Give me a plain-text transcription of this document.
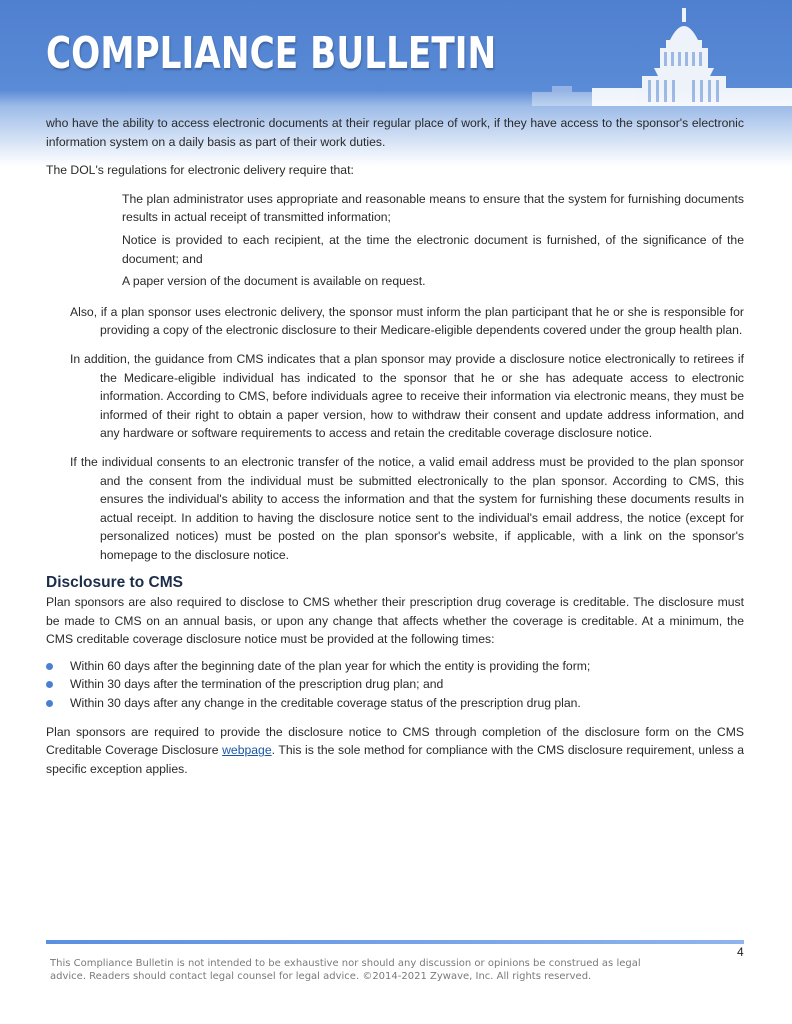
COMPLIANCE BULLETIN

who have the ability to access electronic documents at their regular place of work, if they have access to the sponsor's electronic information system on a daily basis as part of their work duties.

The DOL's regulations for electronic delivery require that:

The plan administrator uses appropriate and reasonable means to ensure that the system for furnishing documents results in actual receipt of transmitted information;

Notice is provided to each recipient, at the time the electronic document is furnished, of the significance of the document; and

A paper version of the document is available on request.

Also, if a plan sponsor uses electronic delivery, the sponsor must inform the plan participant that he or she is responsible for providing a copy of the electronic disclosure to their Medicare-eligible dependents covered under the group health plan.

In addition, the guidance from CMS indicates that a plan sponsor may provide a disclosure notice electronically to retirees if the Medicare-eligible individual has indicated to the sponsor that he or she has adequate access to electronic information. According to CMS, before individuals agree to receive their information via electronic means, they must be informed of their right to obtain a paper version, how to withdraw their consent and update address information, and any hardware or software requirements to access and retain the creditable coverage disclosure notice.

If the individual consents to an electronic transfer of the notice, a valid email address must be provided to the plan sponsor and the consent from the individual must be submitted electronically to the plan sponsor. According to CMS, this ensures the individual's ability to access the information and that the system for furnishing these documents results in actual receipt. In addition to having the disclosure notice sent to the individual's email address, the notice (except for personalized notices) must be posted on the plan sponsor's website, if applicable, with a link on the sponsor's homepage to the disclosure notice.

Disclosure to CMS

Plan sponsors are also required to disclose to CMS whether their prescription drug coverage is creditable. The disclosure must be made to CMS on an annual basis, or upon any change that affects whether the coverage is creditable. At a minimum, the CMS creditable coverage disclosure notice must be provided at the following times:

Within 60 days after the beginning date of the plan year for which the entity is providing the form;
Within 30 days after the termination of the prescription drug plan; and
Within 30 days after any change in the creditable coverage status of the prescription drug plan.

Plan sponsors are required to provide the disclosure notice to CMS through completion of the disclosure form on the CMS Creditable Coverage Disclosure webpage. This is the sole method for compliance with the CMS disclosure requirement, unless a specific exception applies.

4
This Compliance Bulletin is not intended to be exhaustive nor should any discussion or opinions be construed as legal advice. Readers should contact legal counsel for legal advice. ©2014-2021 Zywave, Inc. All rights reserved.
